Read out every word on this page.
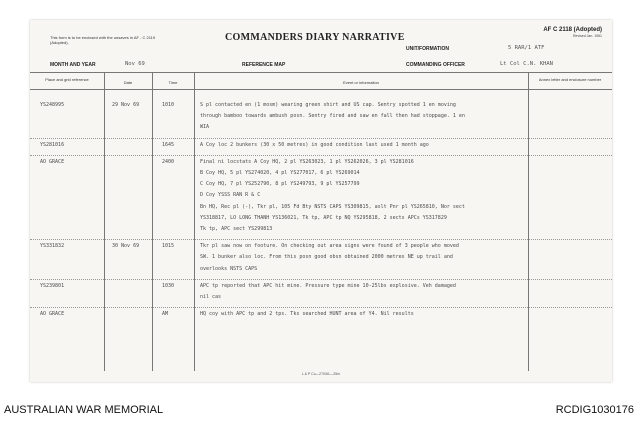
This form is to be enclosed with the unsaves in AF - C 2119 (Adopted).	COMMANDERS DIARY NARRATIVE
AF C 2118 (Adopted)
Revised Jan. 1961
UNIT/FORMATION	5 RAR/1 ATF
MONTH AND YEAR	Nov 69	REFERENCE MAP	COMMANDING OFFICER	Lt Col C.N. KHAN
Place and grid reference
Date	Time	Event or information
Annex letter and enclosure number
YS248995	29 Nov 69	1010	S pl contacted en (1 mosm) wearing green shirt and US cap. Sentry spotted 1 en moving
through bamboo towards ambush posn. Sentry fired and saw en fall then had stoppage. 1 en
WIA
YS281016	1645	A Coy loc 2 bunkers (30 x 50 metres) in good condition last used 1 month ago
AO GRACE	2400	Final ni locstats A Coy HQ, 2 pl YS263023, 1 pl YS262026, 3 pl YS281016
B Coy HQ, 5 pl YS274020, 4 pl YS277017, 6 pl YS269014
C Coy HQ, 7 pl YS252790, 8 pl YS249793, 9 pl YS257799
D Coy YSSS RAN R & C
Bn HQ, Rec pl (-), Tkr pl, 105 Fd Bty NSTS CAPS YS309815, aslt Pnr pl YS265810, Nor sect
YS318817, LO LONG THANH YS136021, Tk tp, APC tp NQ YS295818, 2 sects APCs YS317829
Tk tp, APC sect YS299813
YS331832	30 Nov 69	1015	Tkr pl saw now on footure. On checking out area signs were found of 3 people who moved
SW. 1 bunker also loc. From this posn good obsn obtained 2000 metres NE up trail and
overlooks NSTS CAPS
YS239801	1030	APC tp reported that APC hit mine. Pressure type mine 10-25lbs explosive. Veh damaged
nil cas
AO GRACE	AM	HQ coy with APC tp and 2 tps. Tks searched HUNT area of Y4. Nil results
L & P Co—270/61—25m
AUSTRALIAN WAR MEMORIAL	RCDIG1030176
